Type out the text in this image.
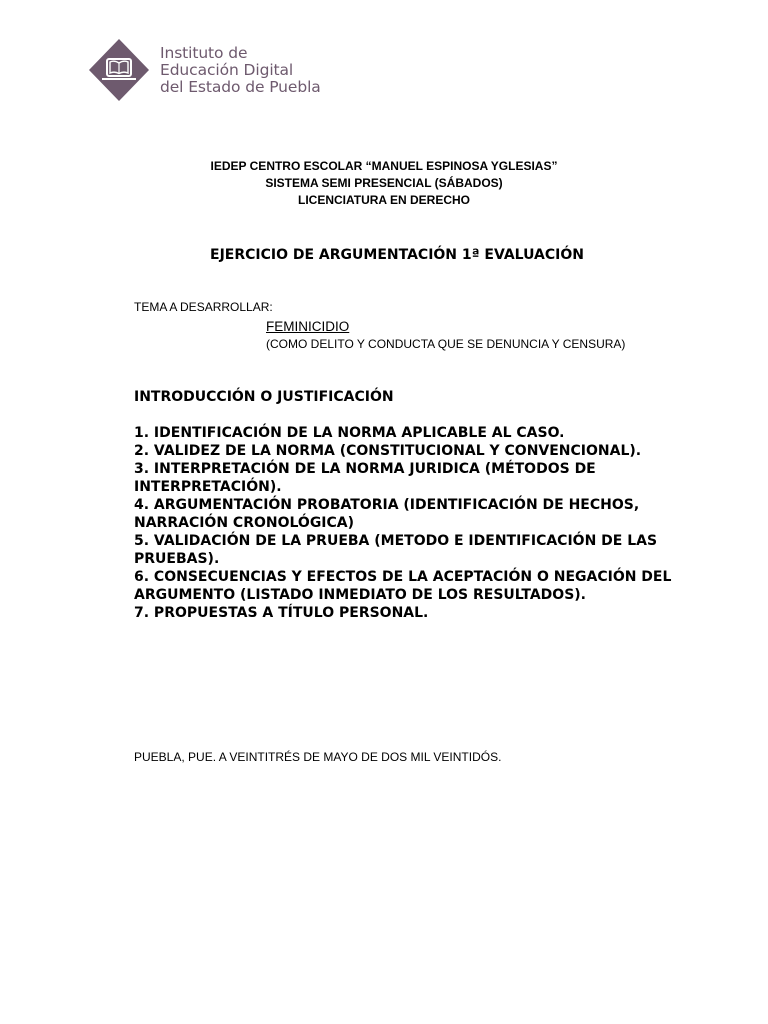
Instituto de
Educación Digital
del Estado de Puebla
IEDEP CENTRO ESCOLAR “MANUEL ESPINOSA YGLESIAS”
SISTEMA SEMI PRESENCIAL (SÁBADOS)
LICENCIATURA EN DERECHO
EJERCICIO DE ARGUMENTACIÓN 1ª EVALUACIÓN
TEMA A DESARROLLAR:
FEMINICIDIO
(COMO DELITO Y CONDUCTA QUE SE DENUNCIA Y CENSURA)
INTRODUCCIÓN O JUSTIFICACIÓN
1. IDENTIFICACIÓN DE LA NORMA APLICABLE AL CASO.
2. VALIDEZ DE LA NORMA (CONSTITUCIONAL Y CONVENCIONAL).
3. INTERPRETACIÓN DE LA NORMA JURIDICA (MÉTODOS DE INTERPRETACIÓN).
4. ARGUMENTACIÓN PROBATORIA (IDENTIFICACIÓN DE HECHOS, NARRACIÓN CRONOLÓGICA)
5. VALIDACIÓN DE LA PRUEBA (METODO E IDENTIFICACIÓN DE LAS PRUEBAS).
6. CONSECUENCIAS Y EFECTOS DE LA ACEPTACIÓN O NEGACIÓN DEL ARGUMENTO (LISTADO INMEDIATO DE LOS RESULTADOS).
7. PROPUESTAS A TÍTULO PERSONAL.
PUEBLA, PUE. A VEINTITRÉS DE MAYO DE DOS MIL VEINTIDÓS.
